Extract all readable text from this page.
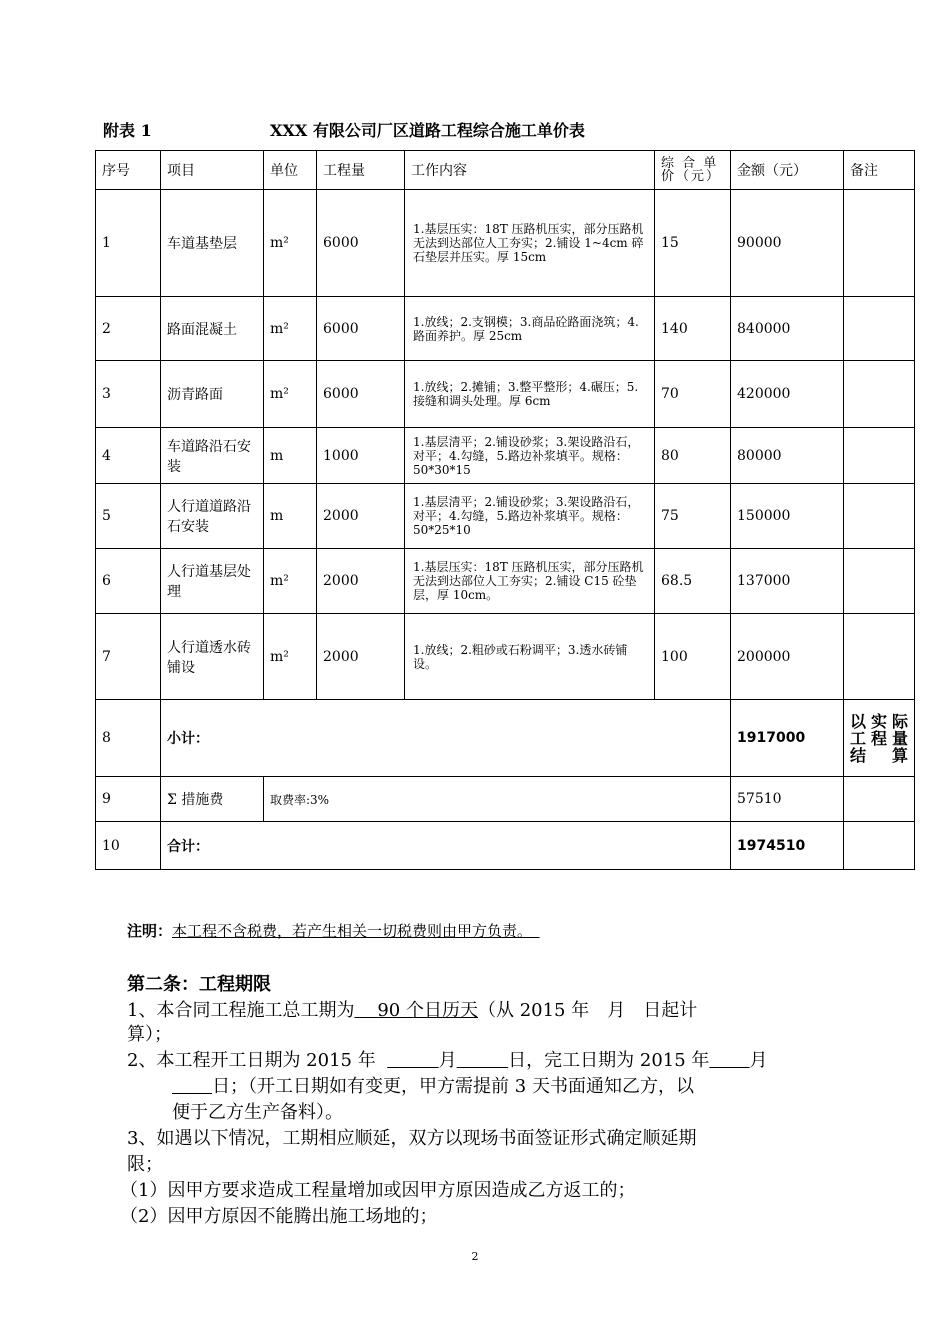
附表 1	XXX 有限公司厂区道路工程综合施工单价表
序号	项目	单位	工程量	工作内容	综 合 单价（元）	金额（元）	备注
1	车道基垫层	m²	6000	1.基层压实：18T 压路机压实，部分压路机无法到达部位人工夯实；2.铺设 1~4cm 碎石垫层并压实。厚 15cm	15	90000	
2	路面混凝土	m²	6000	1.放线；2.支钢模；3.商品砼路面浇筑；4.路面养护。厚 25cm	140	840000	
3	沥青路面	m²	6000	1.放线；2.摊铺；3.整平整形；4.碾压；5.接缝和调头处理。厚 6cm	70	420000	
4	车道路沿石安装	m	1000	1.基层清平；2.铺设砂浆；3.架设路沿石，对平；4.勾缝，5.路边补浆填平。规格：50*30*15	80	80000	
5	人行道道路沿石安装	m	2000	1.基层清平；2.铺设砂浆；3.架设路沿石，对平；4.勾缝，5.路边补浆填平。规格：50*25*10	75	150000	
6	人行道基层处理	m²	2000	1.基层压实：18T 压路机压实，部分压路机无法到达部位人工夯实；2.铺设 C15 砼垫层，厚 10cm。	68.5	137000	
7	人行道透水砖铺设	m²	2000	1.放线；2.粗砂或石粉调平；3.透水砖铺设。	100	200000	
8	小计：					1917000	以实际工程量结算
9	Σ 措施费	取费率:3%				57510	
10	合计：					1974510	
注明：本工程不含税费，若产生相关一切税费则由甲方负责。　
第二条：工程期限
1、本合同工程施工总工期为 90 个日历天（从 2015 年　月　日起计
算）；
2、本工程开工日期为 2015 年	月	日，完工日期为 2015 年 月
日；（开工日期如有变更，甲方需提前 3 天书面通知乙方，以
便于乙方生产备料）。
3、如遇以下情况，工期相应顺延，双方以现场书面签证形式确定顺延期
限；
（1）因甲方要求造成工程量增加或因甲方原因造成乙方返工的；
（2）因甲方原因不能腾出施工场地的；
2
